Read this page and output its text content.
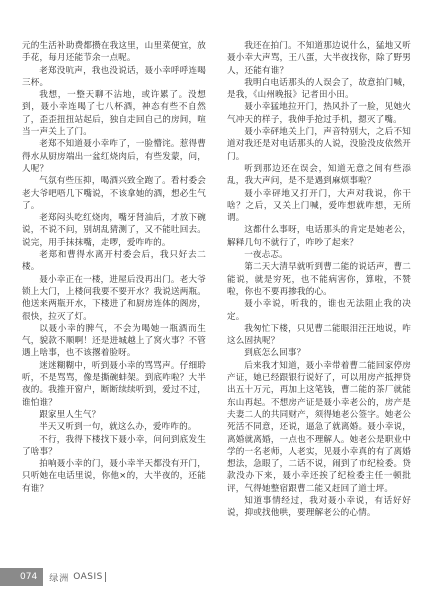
元的生活补助费都攒在我这里，山里菜便宜，放手花，每月还能节余一点呢。

老郑没吭声，我也没说话，聂小幸呼呼连喝三杯。

我想，一整天聊不沾地，或许累了。没想到，聂小幸连喝了七八杯酒，神态有些不自然了，歪歪扭扭站起后，独自走回自己的房间，喧当一声关上了门。

老郑不知道聂小幸咋了，一脸懵诧。惹得曹得水从厨房端出一盆红烧肉后，有些发蒙，问，人呢？

气氛有些压抑，喝酒兴致全跑了。看村委会老大爷吧唔几下嘴说，不该拿她的酒，想必生气了。

老郑闷头吃红烧肉，嘴牙肾油后，才放下碗说，不说不问，别胡乱猜测了，又不能吐回去。说完，用手抹抹嘴，走啰，爱咋咋的。

老郑和曹得水离开村委会后，我只好去二楼。

聂小幸正在一楼，进屋后没再出门。老大爷锁上大门，上楼问我要不要开水？我说送两瓶。他送来两瓶开水，下楼进了和厨房连体的阁房，很快，拉灭了灯。

以聂小幸的脾气，不会为喝她一瓶酒而生气，貌款不顺啊！还是进城越上了窝火事？不管遇上啥事，也不该撂着脸呀。

迷迷糊糊中，听到聂小幸的骂骂声。仔细聆听，不是骂骂，像是撕碗蚌架。到底咋啦？大半夜的。我推开窗户，断断续续听到，爱过不过，谁怕谁？

跟家里人生气？

半天又听到一句，就这么办，爱咋咋的。

不行，我得下楼找下聂小幸，问问到底发生了啥事？

拍响聂小幸的门，聂小幸半天都没有开门，只听她在电话里说，你他×的，大半夜的，还能有谁？

我还在拍门。不知道那边说什么，猛地又听聂小幸大声骂，王八蛋，大半夜找你，除了野男人，还能有谁？

我明白电话那头的人误会了，故意拍门喊，是我，《山州晚报》记者田小田。

聂小幸猛地拉开门，热风扑了一脸，见她火气冲天的样子，我伸手抢过手机，摁灭了嘴。

聂小幸砰地关上门，声音特别大，之后不知道对我还是对电话那头的人说，没脸没皮依然开门。

听到那边还在误会，知道无意之间有些添乱，我大声问，是不是遇到麻烦事啦？

聂小幸砰地又打开门，大声对我说，你干啥？之后，又关上门喊，爱咋想就咋想，无所谓。

这都什么事呀，电话那头的肯定是她老公，解释几句不就行了，咋吵了起来？

一夜忐忑。

第二天大清早就听到曹二能的说话声，曹二能说，就是穷死，也不能病害你，算啦，不赞啦，你也不要再掺我的心。

聂小幸说，听我的，谁也无法阻止我的决定。

我匆忙下楼，只见曹二能眼泪汪汪地说，咋这么固执呢？

到底怎么回事？

后来我才知道，聂小幸带着曹二能回家停房产证，她已经跟银行说好了，可以用房产抵押贷出五十万元，再加上这笔钱，曹二能的茶厂就能东山再起。不想房产证是聂小幸老公的，房产是夫妻二人的共同财产，须得她老公签字。她老公死活不同意，还说，逼急了就离婚。聂小幸说，离婚就离婚，一点也不理解人。她老公是职业中学的一名老师，人老实，见聂小幸真的有了离婚想法，急眼了，二话不说，闹到了市纪检委。贷款没办下来，聂小幸还挨了纪检委主任一顿批评，气得她整宿跟曹二能又赶回了道士坪。

知道事情经过，我对聂小幸说，有话好好说，抑或找他哄，要理解老公的心情。

074	绿洲 OASIS
